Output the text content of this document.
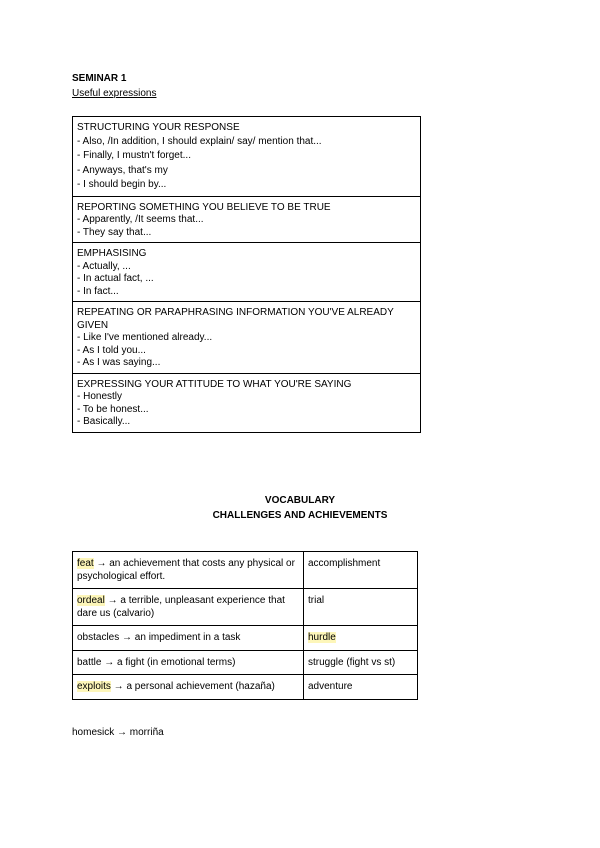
SEMINAR 1
Useful expressions
STRUCTURING YOUR RESPONSE
- Also, /In addition, I should explain/ say/ mention that...
- Finally, I mustn't forget...
- Anyways, that's my
- I should begin by...

REPORTING SOMETHING YOU BELIEVE TO BE TRUE
- Apparently, /It seems that...
- They say that...

EMPHASISING
- Actually, ...
- In actual fact, ...
- In fact...

REPEATING OR PARAPHRASING INFORMATION YOU'VE ALREADY GIVEN
- Like I've mentioned already...
- As I told you...
- As I was saying...

EXPRESSING YOUR ATTITUDE TO WHAT YOU'RE SAYING
- Honestly
- To be honest...
- Basically...
VOCABULARY
CHALLENGES AND ACHIEVEMENTS
feat → an achievement that costs any physical or psychological effort.	accomplishment
ordeal → a terrible, unpleasant experience that dare us (calvario)	trial
obstacles → an impediment in a task	hurdle
battle → a fight (in emotional terms)	struggle (fight vs st)
exploits → a personal achievement (hazaña)	adventure
homesick → morriña
